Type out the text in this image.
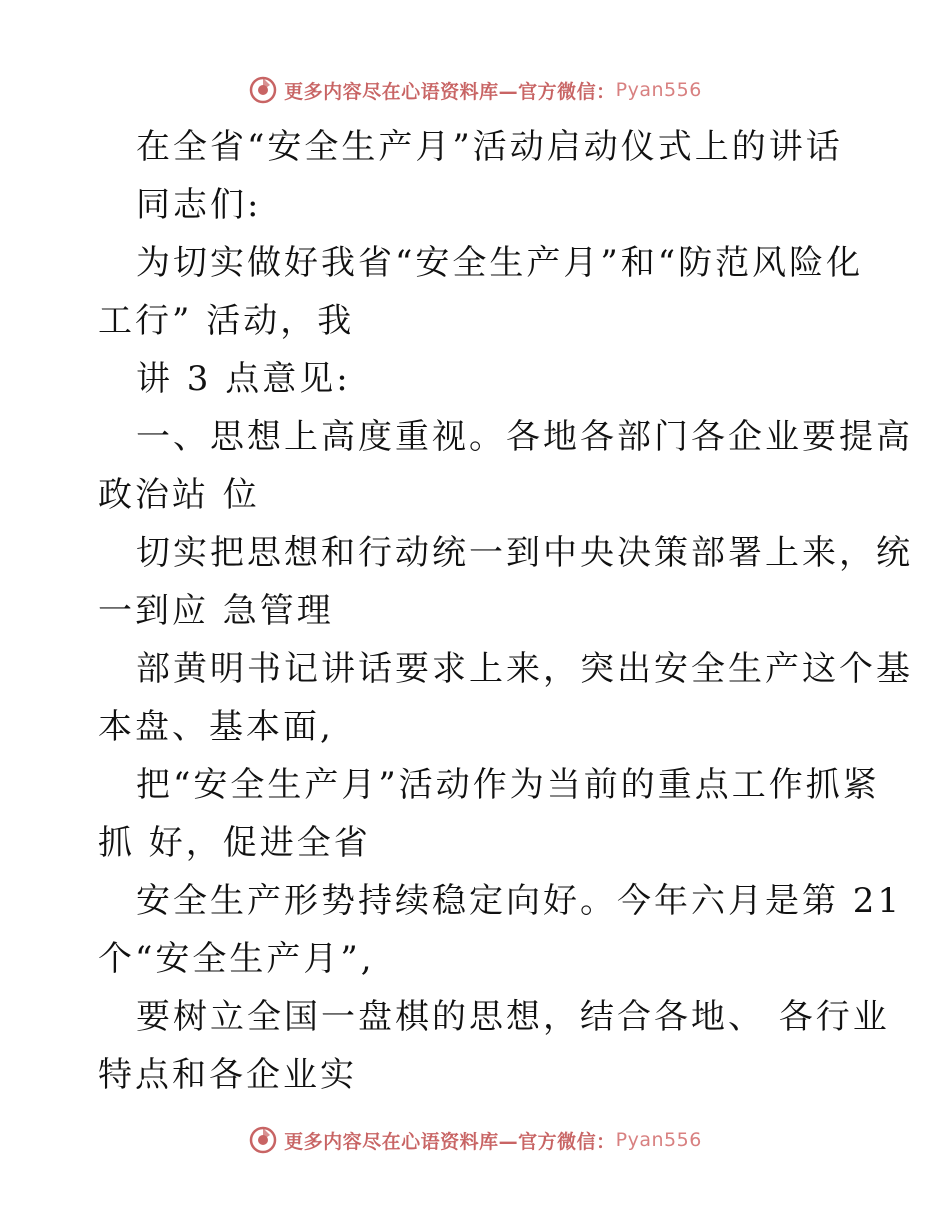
更多内容尽在心语资料库—官方微信： Pyan556
在全省“安全生产月”活动启动仪式上的讲话
同志们:
为切实做好我省“安全生产月”和“防范风险化
工行” 活动，我
讲 3 点意见:
一、思想上高度重视。各地各部门各企业要提高
政治站 位
切实把思想和行动统一到中央决策部署上来，统
一到应 急管理
部黄明书记讲话要求上来，突出安全生产这个基
本盘、基本面,
把“安全生产月”活动作为当前的重点工作抓紧
抓 好，促进全省
安全生产形势持续稳定向好。今年六月是第 21
个“安全生产月”,
要树立全国一盘棋的思想，结合各地、 各行业
特点和各企业实
更多内容尽在心语资料库—官方微信： Pyan556
